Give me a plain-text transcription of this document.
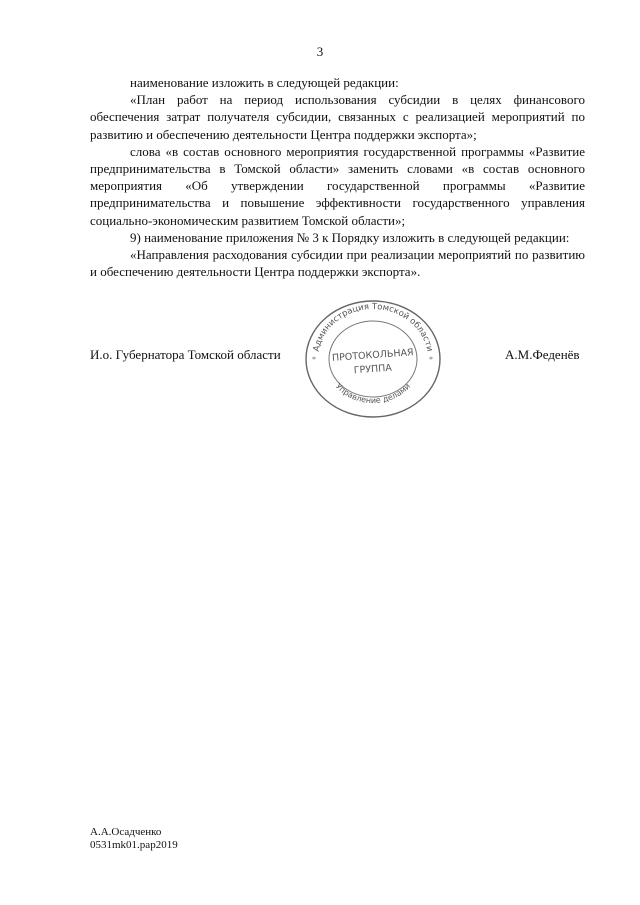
3

наименование изложить в следующей редакции:

«План работ на период использования субсидии в целях финансового обеспечения затрат получателя субсидии, связанных с реализацией мероприятий по развитию и обеспечению деятельности Центра поддержки экспорта»;

слова «в состав основного мероприятия государственной программы «Развитие предпринимательства в Томской области» заменить словами «в состав основного мероприятия «Об утверждении государственной программы «Развитие предпринимательства и повышение эффективности государственного управления социально-экономическим развитием Томской области»;

9) наименование приложения № 3 к Порядку изложить в следующей редакции:

«Направления расходования субсидии при реализации мероприятий по развитию и обеспечению деятельности Центра поддержки экспорта».

И.о. Губернатора Томской области	А.М.Феденёв
Администрация Томской области
Управление делами
ПРОТОКОЛЬНАЯ
ГРУППА
*	*
А.А.Осадченко
0531mk01.pap2019
